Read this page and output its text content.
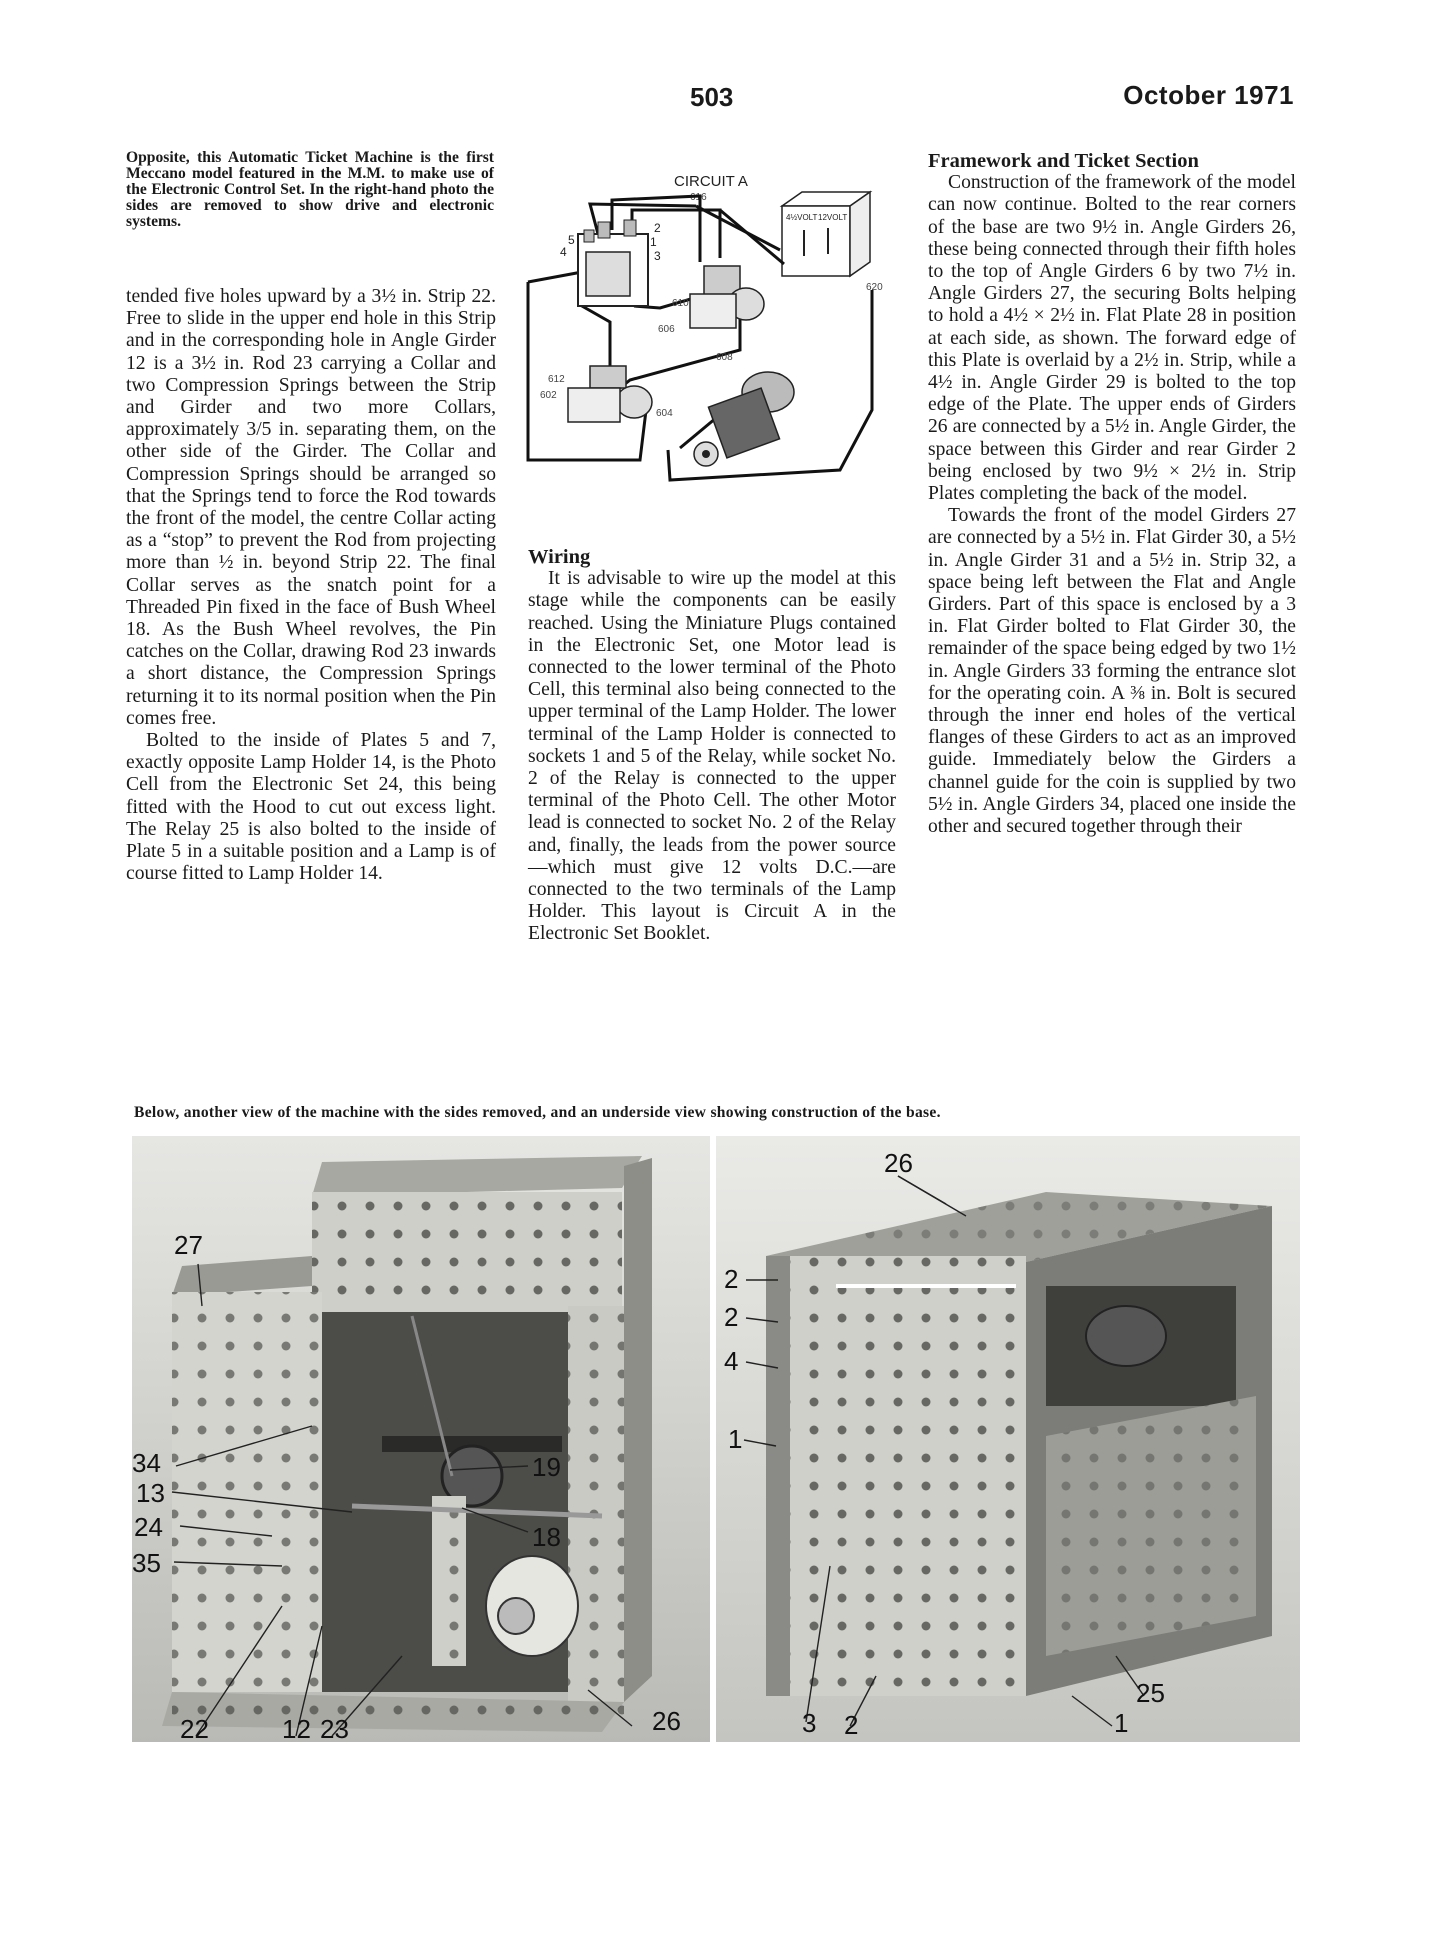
503	October 1971
Opposite, this Automatic Ticket Machine is the first Meccano model featured in the M.M. to make use of the Electronic Control Set. In the right-hand photo the sides are removed to show drive and electronic systems.

tended five holes upward by a 3½ in. Strip 22. Free to slide in the upper end hole in this Strip and in the corresponding hole in Angle Girder 12 is a 3½ in. Rod 23 carrying a Collar and two Compression Springs between the Strip and Girder and two more Collars, approximately 3/5 in. separating them, on the other side of the Girder. The Collar and Compression Springs should be arranged so that the Springs tend to force the Rod towards the front of the model, the centre Collar acting as a “stop” to prevent the Rod from projecting more than ½ in. beyond Strip 22. The final Collar serves as the snatch point for a Threaded Pin fixed in the face of Bush Wheel 18. As the Bush Wheel revolves, the Pin catches on the Collar, drawing Rod 23 inwards a short distance, the Compression Springs returning it to its normal position when the Pin comes free.

Bolted to the inside of Plates 5 and 7, exactly opposite Lamp Holder 14, is the Photo Cell from the Electronic Set 24, this being fitted with the Hood to cut out excess light. The Relay 25 is also bolted to the inside of Plate 5 in a suitable position and a Lamp is of course fitted to Lamp Holder 14.

CIRCUIT A
616
4½VOLT 12VOLT
620
4
5
2
1
3
610
606
608
612
602
604

Wiring

It is advisable to wire up the model at this stage while the components can be easily reached. Using the Miniature Plugs contained in the Electronic Set, one Motor lead is connected to the lower terminal of the Photo Cell, this terminal also being connected to the upper terminal of the Lamp Holder. The lower terminal of the Lamp Holder is connected to sockets 1 and 5 of the Relay, while socket No. 2 of the Relay is connected to the upper terminal of the Photo Cell. The other Motor lead is connected to socket No. 2 of the Relay and, finally, the leads from the power source—which must give 12 volts D.C.—are connected to the two terminals of the Lamp Holder. This layout is Circuit A in the Electronic Set Booklet.

Framework and Ticket Section

Construction of the framework of the model can now continue. Bolted to the rear corners of the base are two 9½ in. Angle Girders 26, these being connected through their fifth holes to the top of Angle Girders 6 by two 7½ in. Angle Girders 27, the securing Bolts helping to hold a 4½ × 2½ in. Flat Plate 28 in position at each side, as shown. The forward edge of this Plate is overlaid by a 2½ in. Strip, while a 4½ in. Angle Girder 29 is bolted to the top edge of the Plate. The upper ends of Girders 26 are connected by a 5½ in. Angle Girder, the space between this Girder and rear Girder 2 being enclosed by two 9½ × 2½ in. Strip Plates completing the back of the model.

Towards the front of the model Girders 27 are connected by a 5½ in. Flat Girder 30, a 5½ in. Angle Girder 31 and a 5½ in. Strip 32, a space being left between the Flat and Angle Girders. Part of this space is enclosed by a 3 in. Flat Girder bolted to Flat Girder 30, the remainder of the space being edged by two 1½ in. Angle Girders 33 forming the entrance slot for the operating coin. A ⅜ in. Bolt is secured through the inner end holes of the vertical flanges of these Girders to act as an improved guide. Immediately below the Girders a channel guide for the coin is supplied by two 5½ in. Angle Girders 34, placed one inside the other and secured together through their

Below, another view of the machine with the sides removed, and an underside view showing construction of the base.
27
34
13
24
35
19
18
22	12 23	26
26
2
2
4
1
3 2
25
1
